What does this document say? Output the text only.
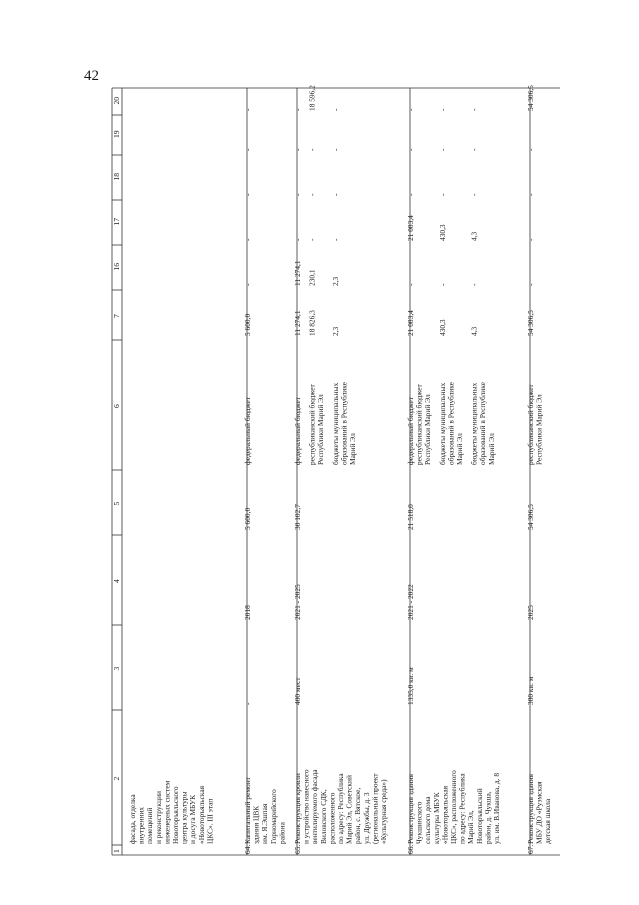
42
1
2
3
4
5
6
7
16
17
18
19
20
фасада, отделка внутренних помещений и реконструкции инженерных систем Новоторъяльского центра культуры и досуга МБУК «Новоторъяльская ЦКС». III этап
64.
Капитальный ремонт здания ЦВК им. Я.Эшпая Горномарийского района
-
2018
5 600,0
федеральный бюджет
5 600,0
-
-
-
-
-
65.
Реконструкция кровли и устройство навесного вентилируемого фасада Виловского СДК, расположенного по адресу: Республика Марий Эл, Советский район, с. Вятское, ул. Дружбы, д. 3 (региональный проект «Культурная среда»)
400 мест
2021 - 2025
30 102,7
федеральный бюджет
11 274,1
11 274,1
-
-
-
-
республиканский бюджет Республики Марий Эл
18 826,3
230,1
-
-
-
18 596,2
бюджеты муниципальных образований в Республике Марий Эл
2,3
2,3
-
-
-
-
66.
Реконструкция здания Чукшинского сельского дома культуры МБУК «Новоторъяльская ЦКС», расположенного по адресу: Республика Марий Эл, Новоторъяльский район, д. Чукша, ул. им. В.Иванова, д. 8
1335,0 кв. м
2021 - 2022
21 518,0
федеральный бюджет республиканский бюджет Республики Марий Эл
21 083,4
-
21 083,4
-
-
-
бюджеты муниципальных образований в Республике Марий Эл
430,3
-
430,3
-
-
-
бюджеты муниципальных образований в Республике Марий Эл
4,3
-
4,3
-
-
-
67.
Реконструкция здания МБУ ДО «Руэмская детская школа
380 кв. м
2025
54 306,5
республиканский бюджет Республики Марий Эл
54 306,5
-
-
-
-
54 306,5
